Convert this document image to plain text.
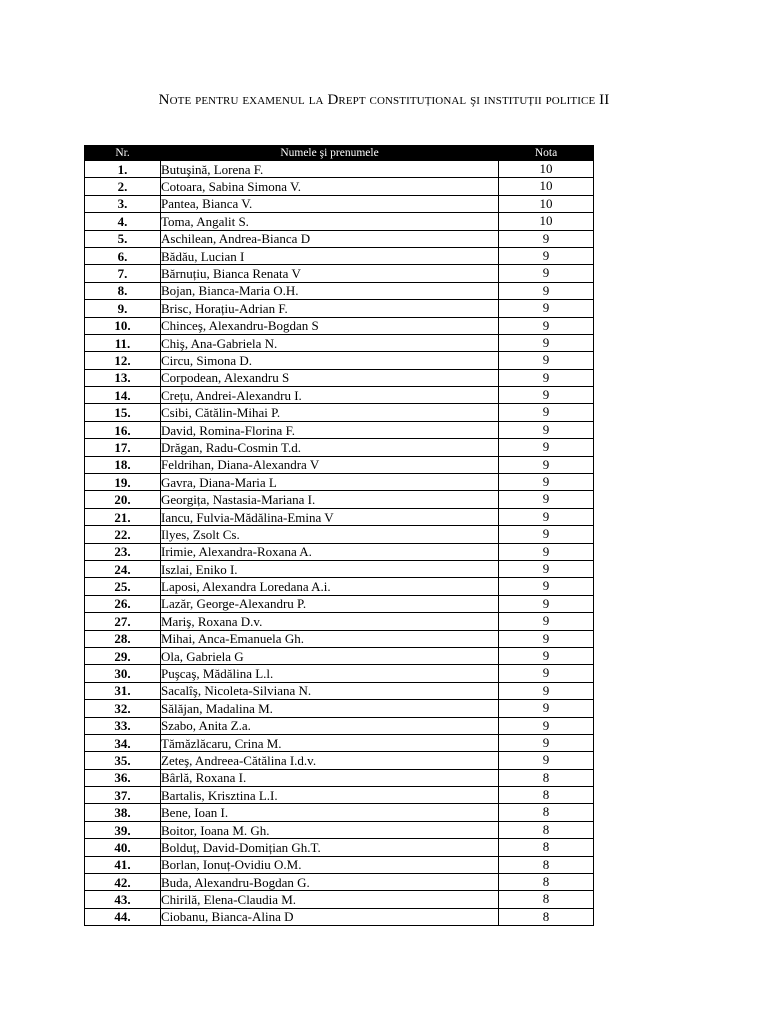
Note pentru examenul la Drept constituțional şi instituții politice II
Nr.	Numele şi prenumele	Nota
1.	Butuşină, Lorena F.	10
2.	Cotoara, Sabina Simona V.	10
3.	Pantea, Bianca V.	10
4.	Toma, Angalit S.	10
5.	Aschilean, Andrea-Bianca D	9
6.	Bădău, Lucian I	9
7.	Bărnuțiu, Bianca Renata V	9
8.	Bojan, Bianca-Maria O.H.	9
9.	Brisc, Horațiu-Adrian F.	9
10.	Chinceş, Alexandru-Bogdan S	9
11.	Chiş, Ana-Gabriela N.	9
12.	Circu, Simona D.	9
13.	Corpodean, Alexandru S	9
14.	Crețu, Andrei-Alexandru I.	9
15.	Csibi, Cătălin-Mihai P.	9
16.	David, Romina-Florina F.	9
17.	Drăgan, Radu-Cosmin T.d.	9
18.	Feldrihan, Diana-Alexandra V	9
19.	Gavra, Diana-Maria L	9
20.	Georgița, Nastasia-Mariana I.	9
21.	Iancu, Fulvia-Mădălina-Emina V	9
22.	Ilyes, Zsolt Cs.	9
23.	Irimie, Alexandra-Roxana A.	9
24.	Iszlai, Eniko I.	9
25.	Laposi, Alexandra Loredana A.i.	9
26.	Lazăr, George-Alexandru P.	9
27.	Mariş, Roxana D.v.	9
28.	Mihai, Anca-Emanuela Gh.	9
29.	Ola, Gabriela G	9
30.	Puşcaş, Mădălina L.l.	9
31.	Sacalîş, Nicoleta-Silviana N.	9
32.	Sălăjan, Madalina M.	9
33.	Szabo, Anita Z.a.	9
34.	Tămăzlăcaru, Crina M.	9
35.	Zeteş, Andreea-Cătălina I.d.v.	9
36.	Bârlă, Roxana I.	8
37.	Bartalis, Krisztina L.I.	8
38.	Bene, Ioan I.	8
39.	Boitor, Ioana M. Gh.	8
40.	Bolduț, David-Domițian Gh.T.	8
41.	Borlan, Ionuț-Ovidiu O.M.	8
42.	Buda, Alexandru-Bogdan G.	8
43.	Chirilă, Elena-Claudia M.	8
44.	Ciobanu, Bianca-Alina D	8
